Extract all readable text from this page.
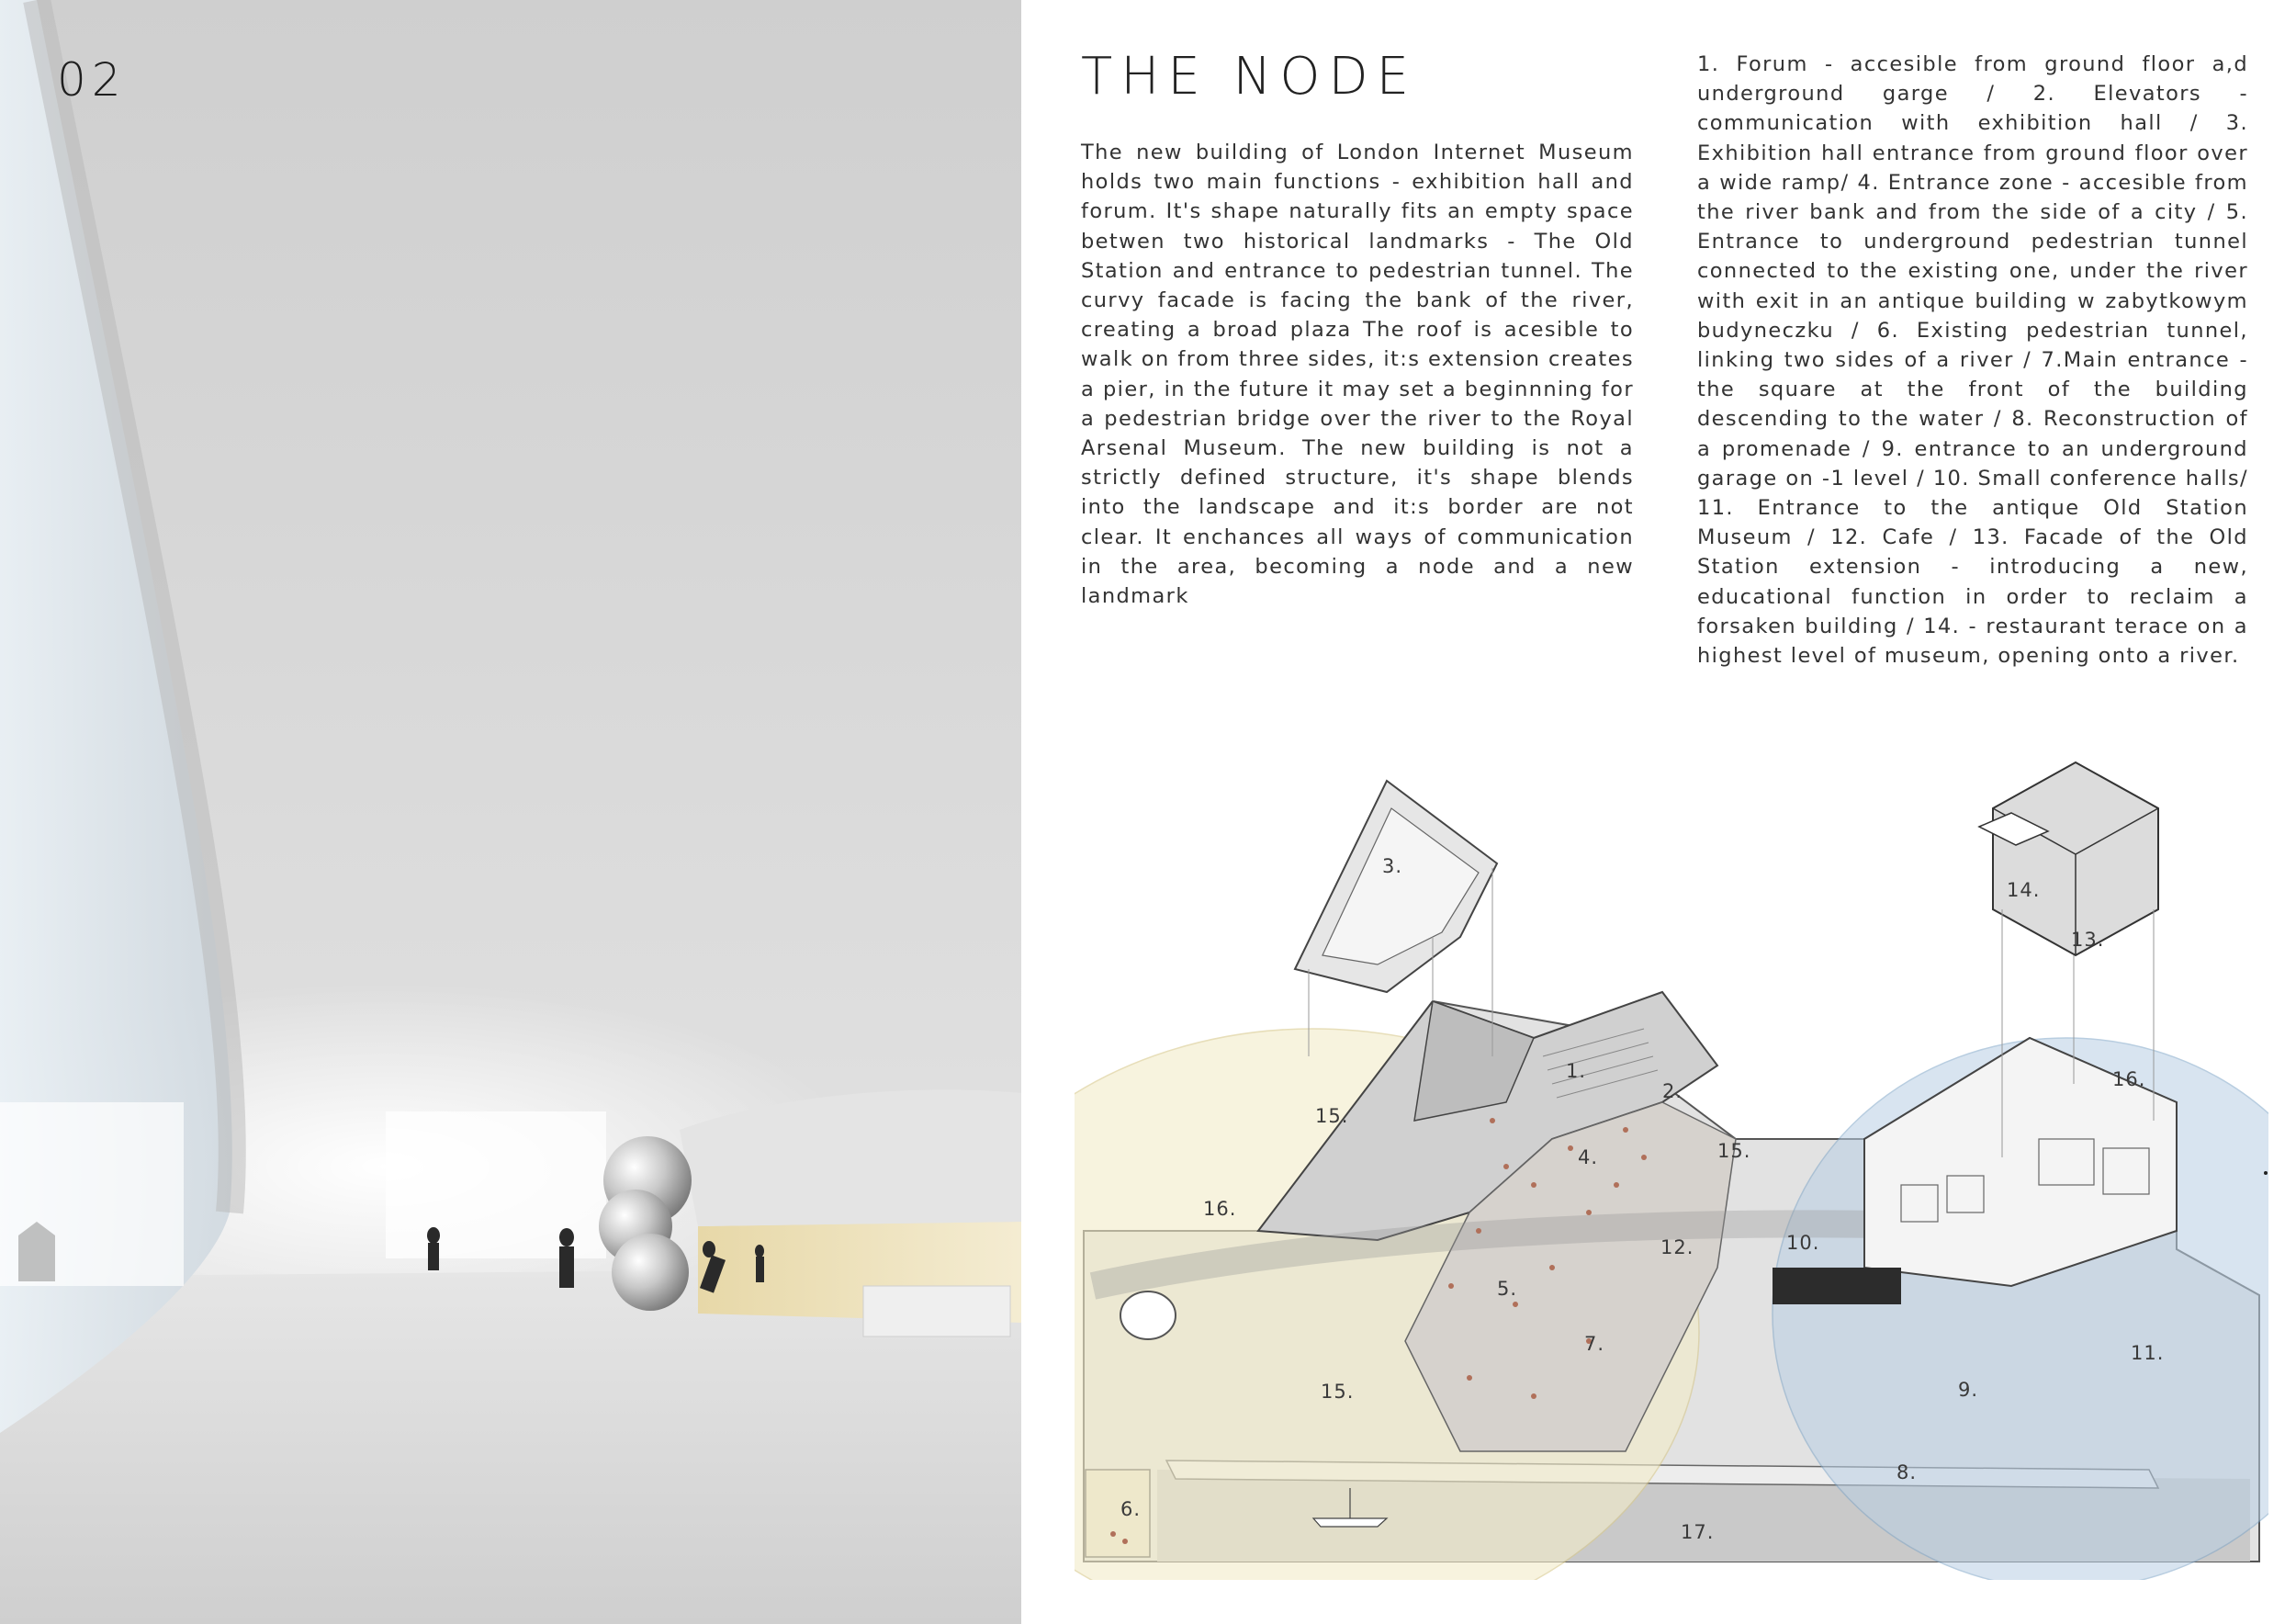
02	THE NODE

The new building of London Internet Museum holds two main functions - exhibition hall and forum. It's shape naturally fits an empty space betwen two historical landmarks - The Old Station and entrance to pedestrian tunnel. The curvy facade is facing the bank of the river, creating a broad plaza The roof is acesible to walk on from three sides, it:s extension creates a pier, in the future it may set a beginnning for a pedestrian bridge over the river to the Royal Arsenal Museum. The new building is not a strictly defined structure, it's shape blends into the landscape and it:s border are not clear. It enchances all ways of communication in the area, becoming a node and a new landmark

1. Forum - accesible from ground floor a,d underground garge / 2. Elevators - communication with exhibition hall / 3. Exhibition hall entrance from ground floor over a wide ramp/ 4. Entrance zone - accesible from the river bank and from the side of a city / 5. Entrance to underground pedestrian tunnel connected to the existing one, under the river with exit in an antique building w zabytkowym budyneczku / 6. Existing pedestrian tunnel, linking two sides of a river / 7.Main entrance - the square at the front of the building descending to the water / 8. Reconstruction of a promenade / 9. entrance to an underground garage on -1 level / 10. Small conference halls/ 11. Entrance to the antique Old Station Museum / 12. Cafe / 13. Facade of the Old Station extension - introducing a new, educational function in order to reclaim a forsaken building / 14. - restaurant terace on a highest level of museum, opening onto a river.

1.
2.
3.
4.
5.
6.
7.
8.
9.
10.
11.
12.
13.
14.
15.
15.
15.
16.
16.
17.
